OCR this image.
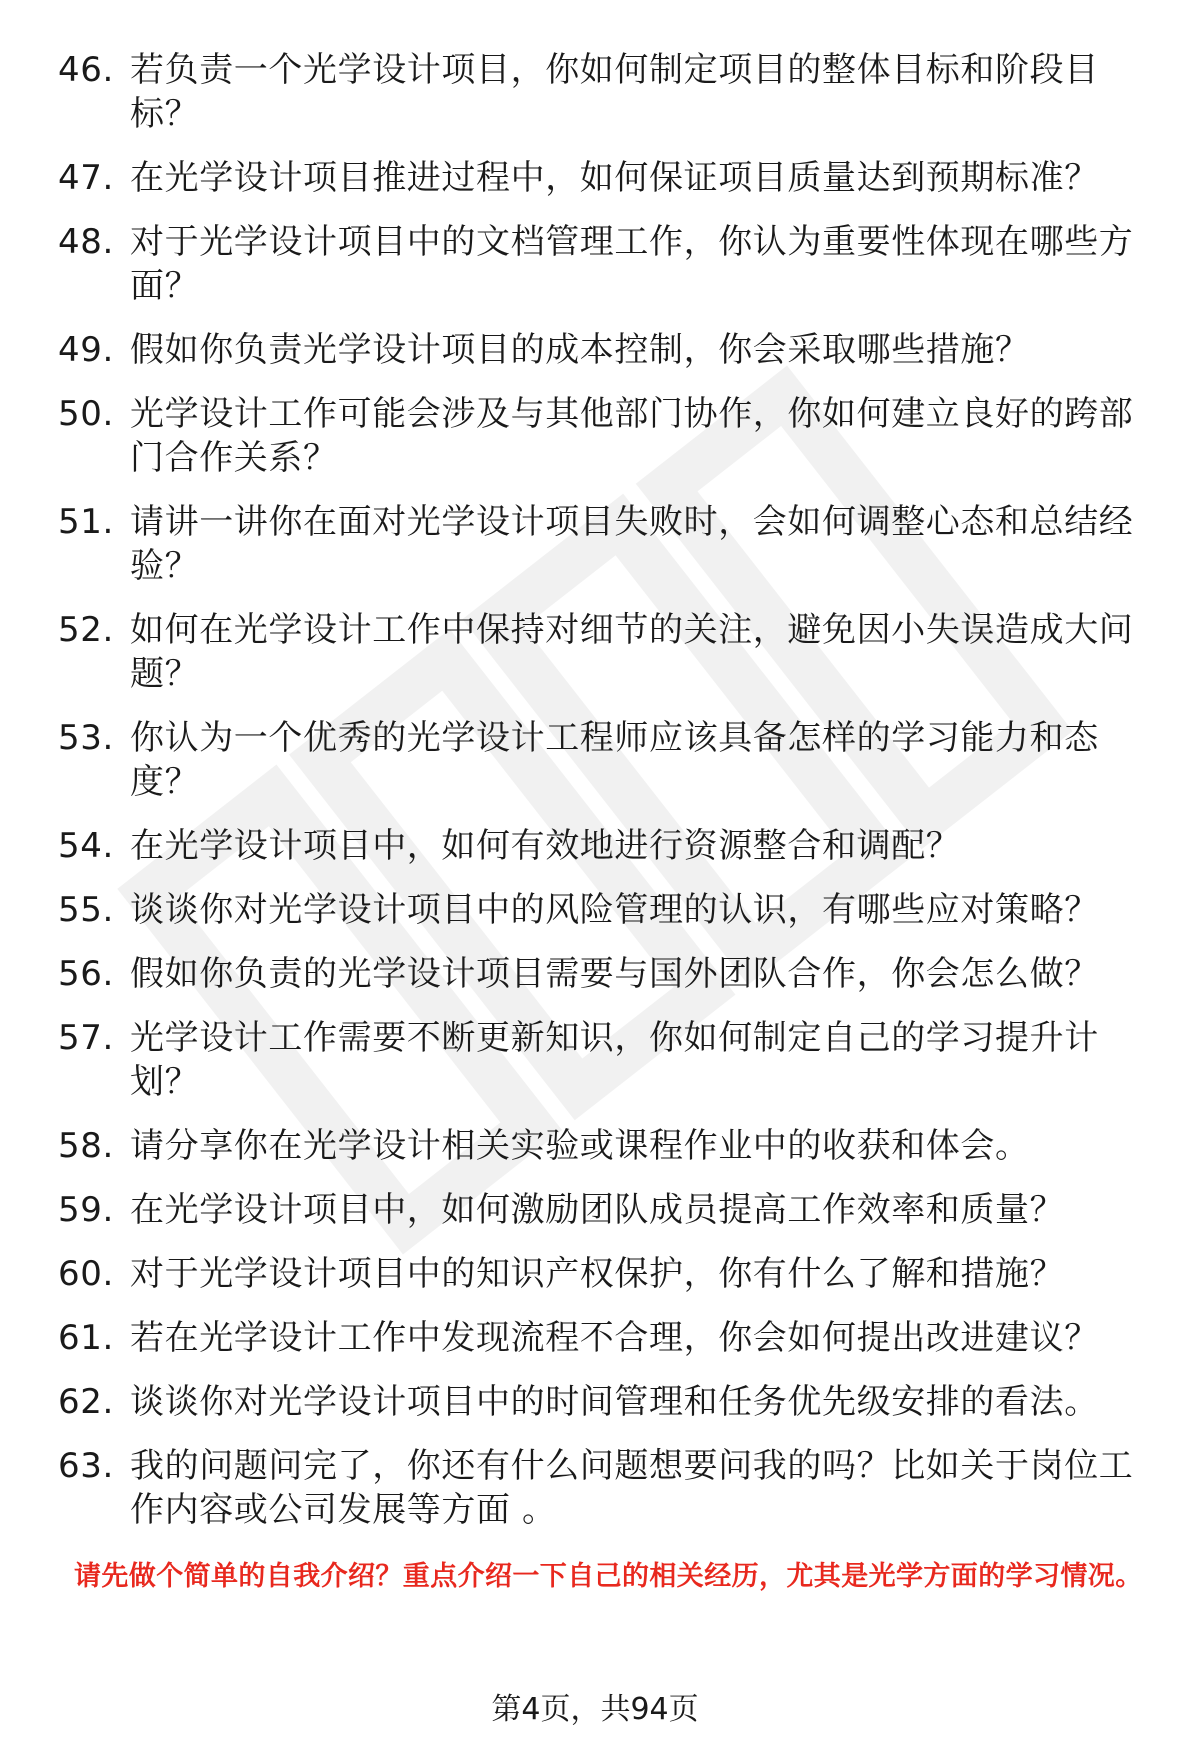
46. 若负责一个光学设计项目，你如何制定项目的整体目标和阶段目标？
47. 在光学设计项目推进过程中，如何保证项目质量达到预期标准？
48. 对于光学设计项目中的文档管理工作，你认为重要性体现在哪些方面？
49. 假如你负责光学设计项目的成本控制，你会采取哪些措施？
50. 光学设计工作可能会涉及与其他部门协作，你如何建立良好的跨部门合作关系？
51. 请讲一讲你在面对光学设计项目失败时，会如何调整心态和总结经验？
52. 如何在光学设计工作中保持对细节的关注，避免因小失误造成大问题？
53. 你认为一个优秀的光学设计工程师应该具备怎样的学习能力和态度？
54. 在光学设计项目中，如何有效地进行资源整合和调配？
55. 谈谈你对光学设计项目中的风险管理的认识，有哪些应对策略？
56. 假如你负责的光学设计项目需要与国外团队合作，你会怎么做？
57. 光学设计工作需要不断更新知识，你如何制定自己的学习提升计划？
58. 请分享你在光学设计相关实验或课程作业中的收获和体会。
59. 在光学设计项目中，如何激励团队成员提高工作效率和质量？
60. 对于光学设计项目中的知识产权保护，你有什么了解和措施？
61. 若在光学设计工作中发现流程不合理，你会如何提出改进建议？
62. 谈谈你对光学设计项目中的时间管理和任务优先级安排的看法。
63. 我的问题问完了，你还有什么问题想要问我的吗？比如关于岗位工作内容或公司发展等方面 。
请先做个简单的自我介绍？重点介绍一下自己的相关经历，尤其是光学方面的学习情况。
第4页，共94页
